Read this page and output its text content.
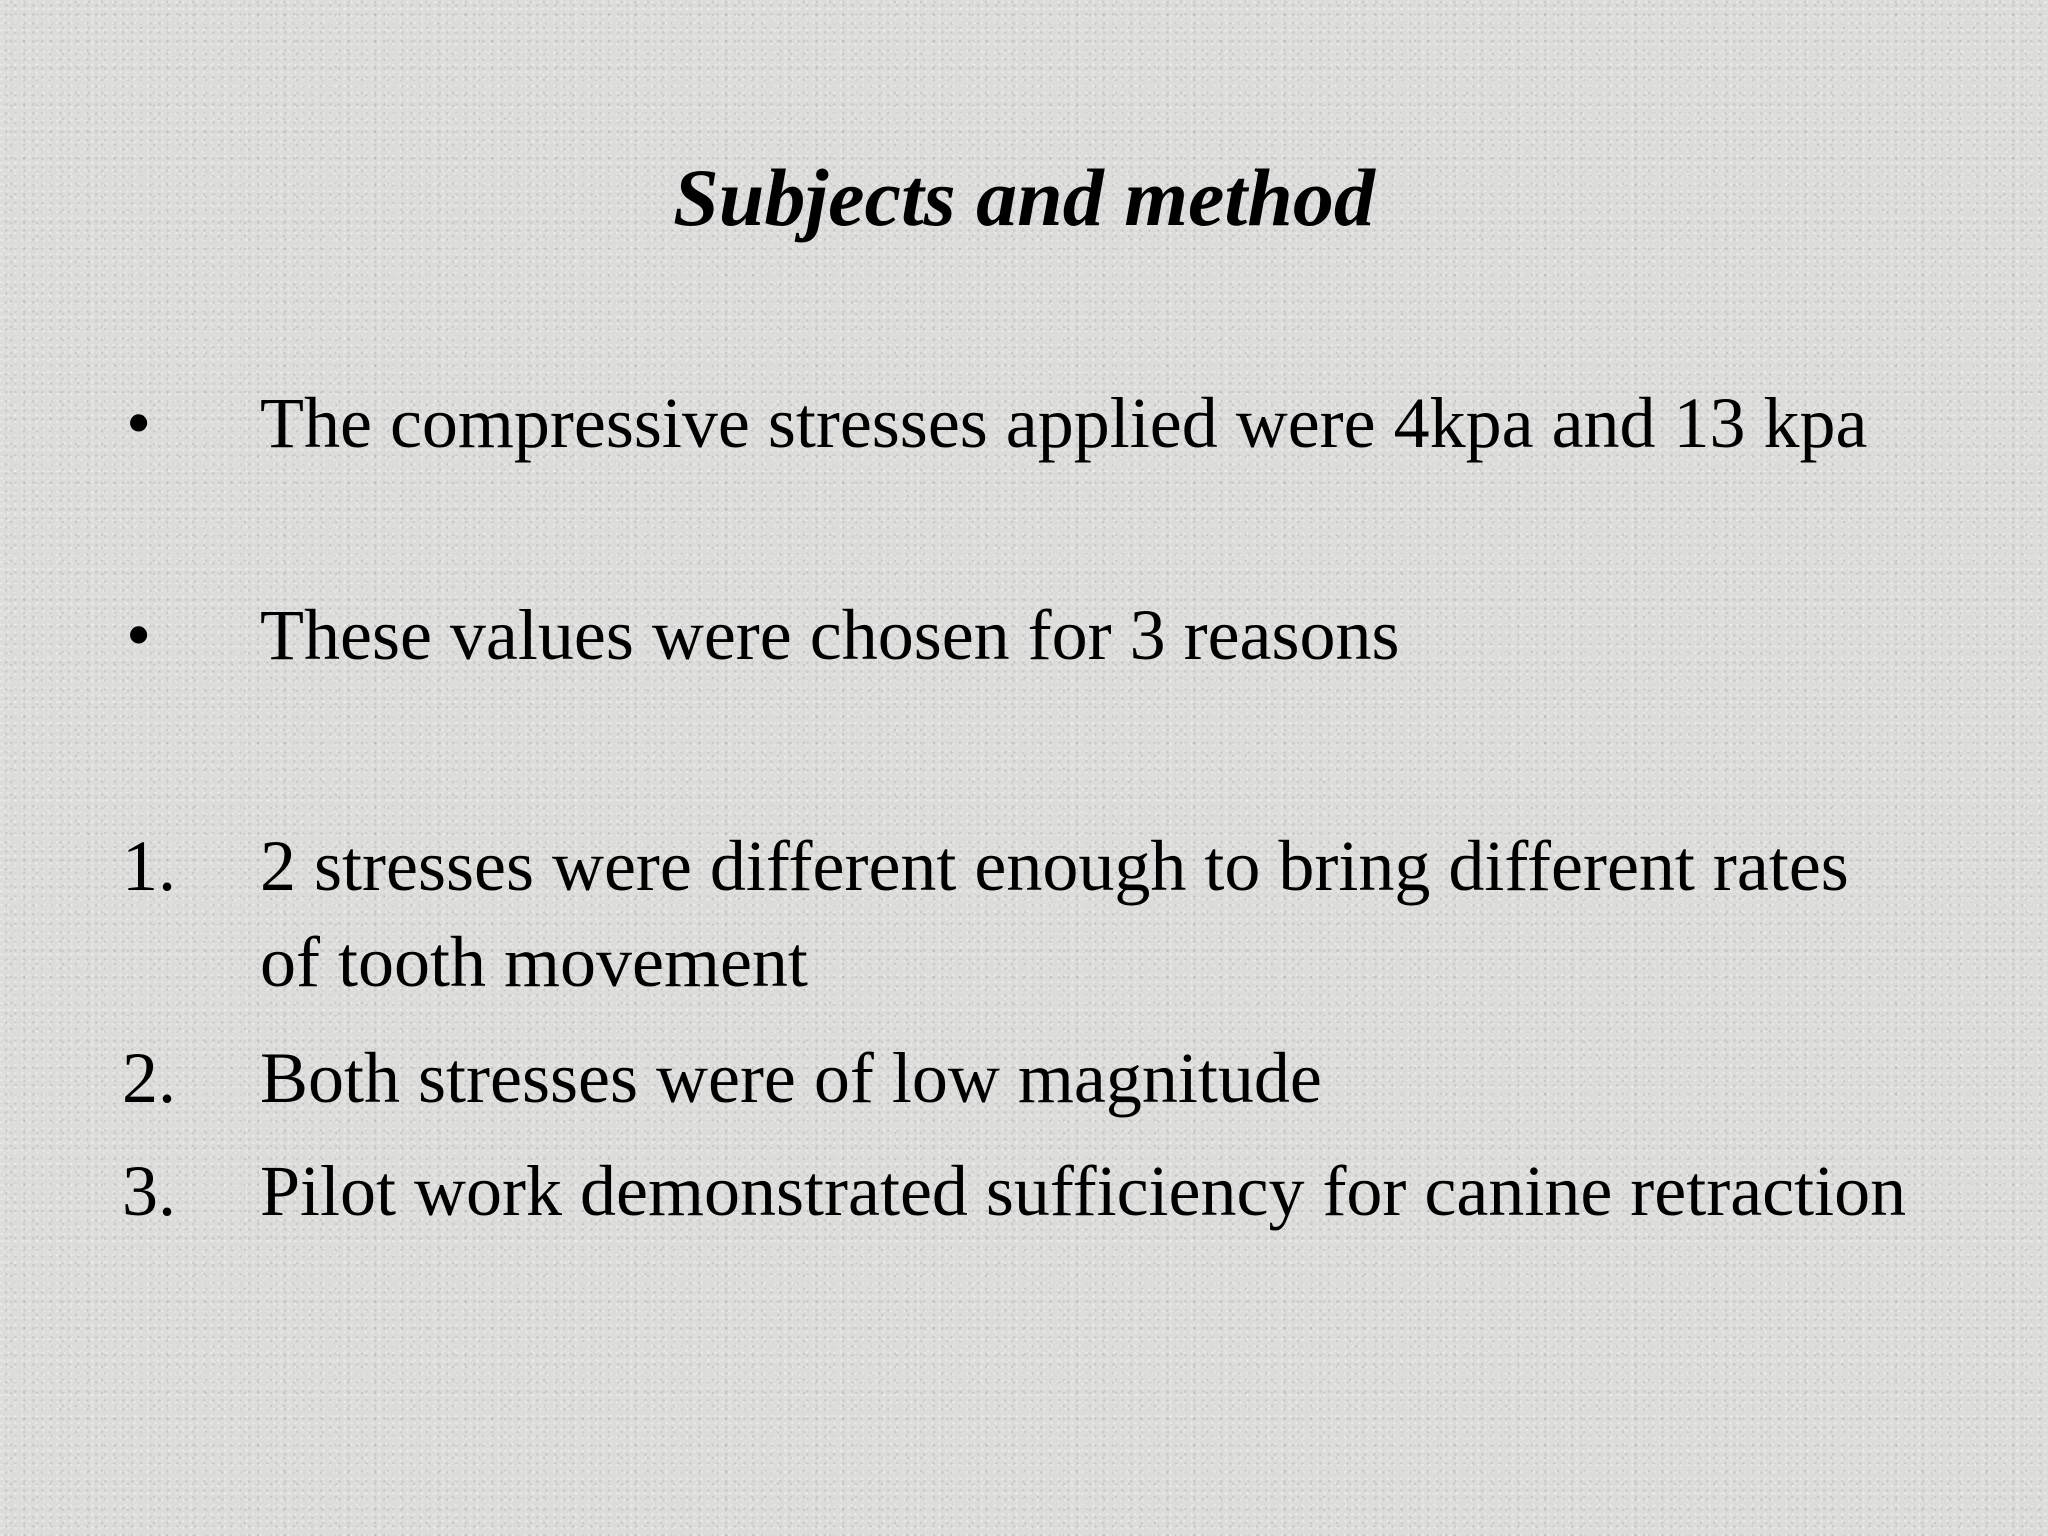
Subjects and method
• The compressive stresses applied were 4kpa and 13 kpa
• These values were chosen for 3 reasons
1. 2 stresses were different enough to bring different rates of tooth movement
2. Both stresses were of low magnitude
3. Pilot work demonstrated sufficiency for canine retraction
